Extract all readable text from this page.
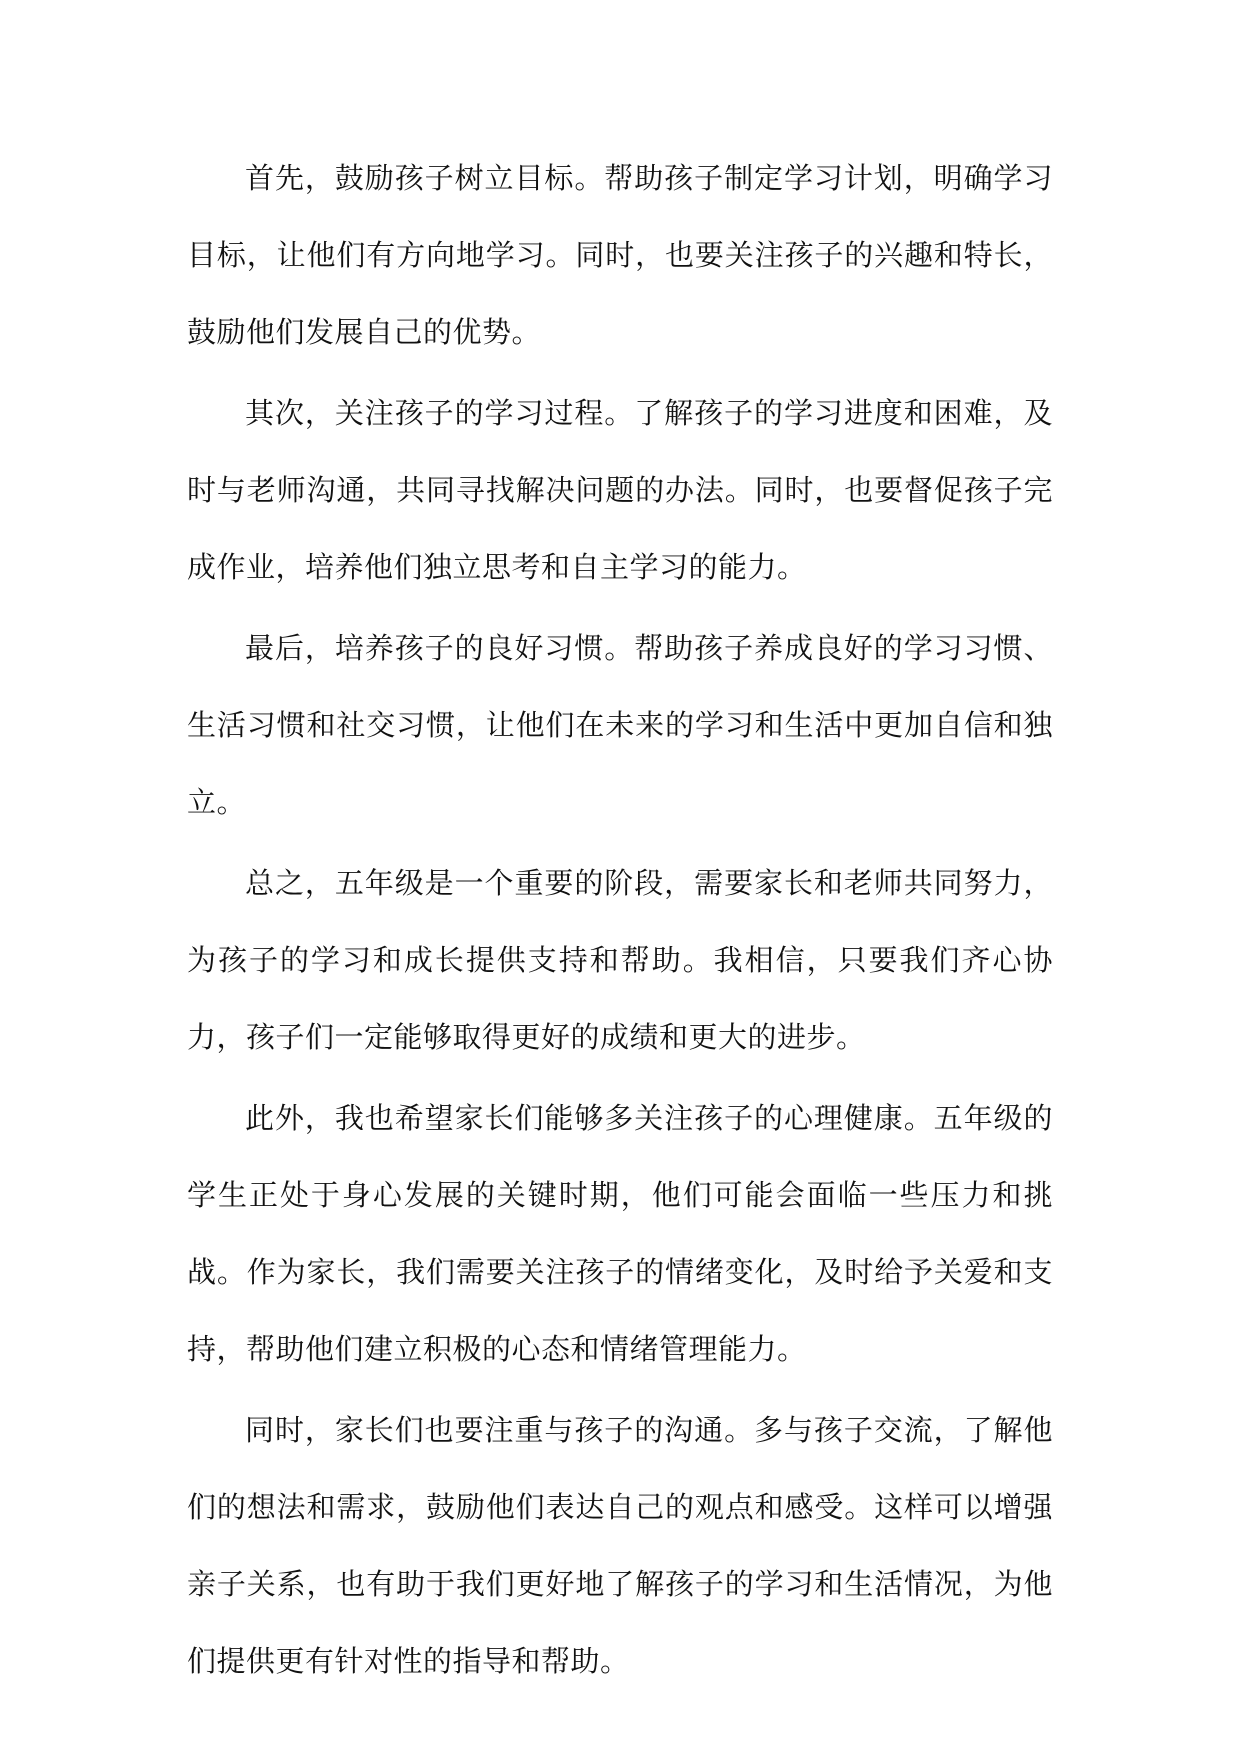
首先，鼓励孩子树立目标。帮助孩子制定学习计划，明确学习目标，让他们有方向地学习。同时，也要关注孩子的兴趣和特长，鼓励他们发展自己的优势。

其次，关注孩子的学习过程。了解孩子的学习进度和困难，及时与老师沟通，共同寻找解决问题的办法。同时，也要督促孩子完成作业，培养他们独立思考和自主学习的能力。

最后，培养孩子的良好习惯。帮助孩子养成良好的学习习惯、生活习惯和社交习惯，让他们在未来的学习和生活中更加自信和独立。

总之，五年级是一个重要的阶段，需要家长和老师共同努力，为孩子的学习和成长提供支持和帮助。我相信，只要我们齐心协力，孩子们一定能够取得更好的成绩和更大的进步。

此外，我也希望家长们能够多关注孩子的心理健康。五年级的学生正处于身心发展的关键时期，他们可能会面临一些压力和挑战。作为家长，我们需要关注孩子的情绪变化，及时给予关爱和支持，帮助他们建立积极的心态和情绪管理能力。

同时，家长们也要注重与孩子的沟通。多与孩子交流，了解他们的想法和需求，鼓励他们表达自己的观点和感受。这样可以增强亲子关系，也有助于我们更好地了解孩子的学习和生活情况，为他们提供更有针对性的指导和帮助。
